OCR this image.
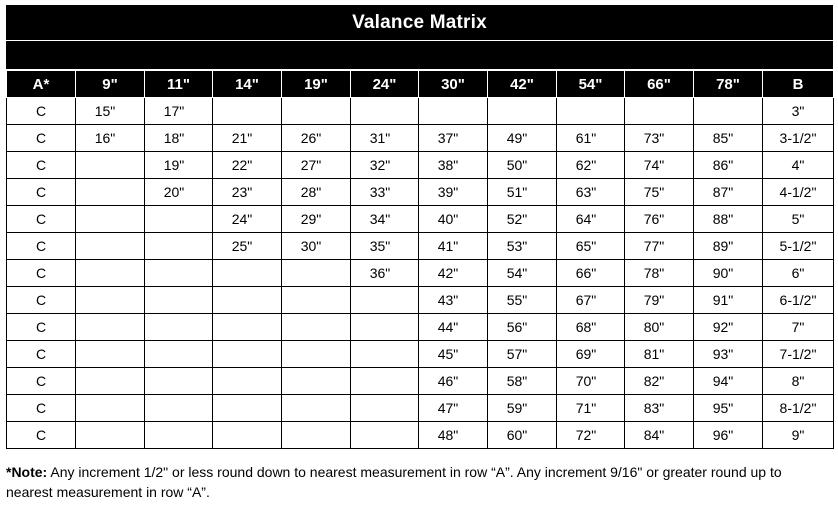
Valance Matrix
A*	9"	11"	14"	19"	24"	30"	42"	54"	66"	78"	B
C	15"	17"									3"
C	16"	18"	21"	26"	31"	37"	49"	61"	73"	85"	3-1/2"
C		19"	22"	27"	32"	38"	50"	62"	74"	86"	4"
C		20"	23"	28"	33"	39"	51"	63"	75"	87"	4-1/2"
C			24"	29"	34"	40"	52"	64"	76"	88"	5"
C			25"	30"	35"	41"	53"	65"	77"	89"	5-1/2"
C					36"	42"	54"	66"	78"	90"	6"
C						43"	55"	67"	79"	91"	6-1/2"
C						44"	56"	68"	80"	92"	7"
C						45"	57"	69"	81"	93"	7-1/2"
C						46"	58"	70"	82"	94"	8"
C						47"	59"	71"	83"	95"	8-1/2"
C						48"	60"	72"	84"	96"	9"
*Note: Any increment 1/2" or less round down to nearest measurement in row “A”. Any increment 9/16" or greater round up to nearest measurement in row “A”.
